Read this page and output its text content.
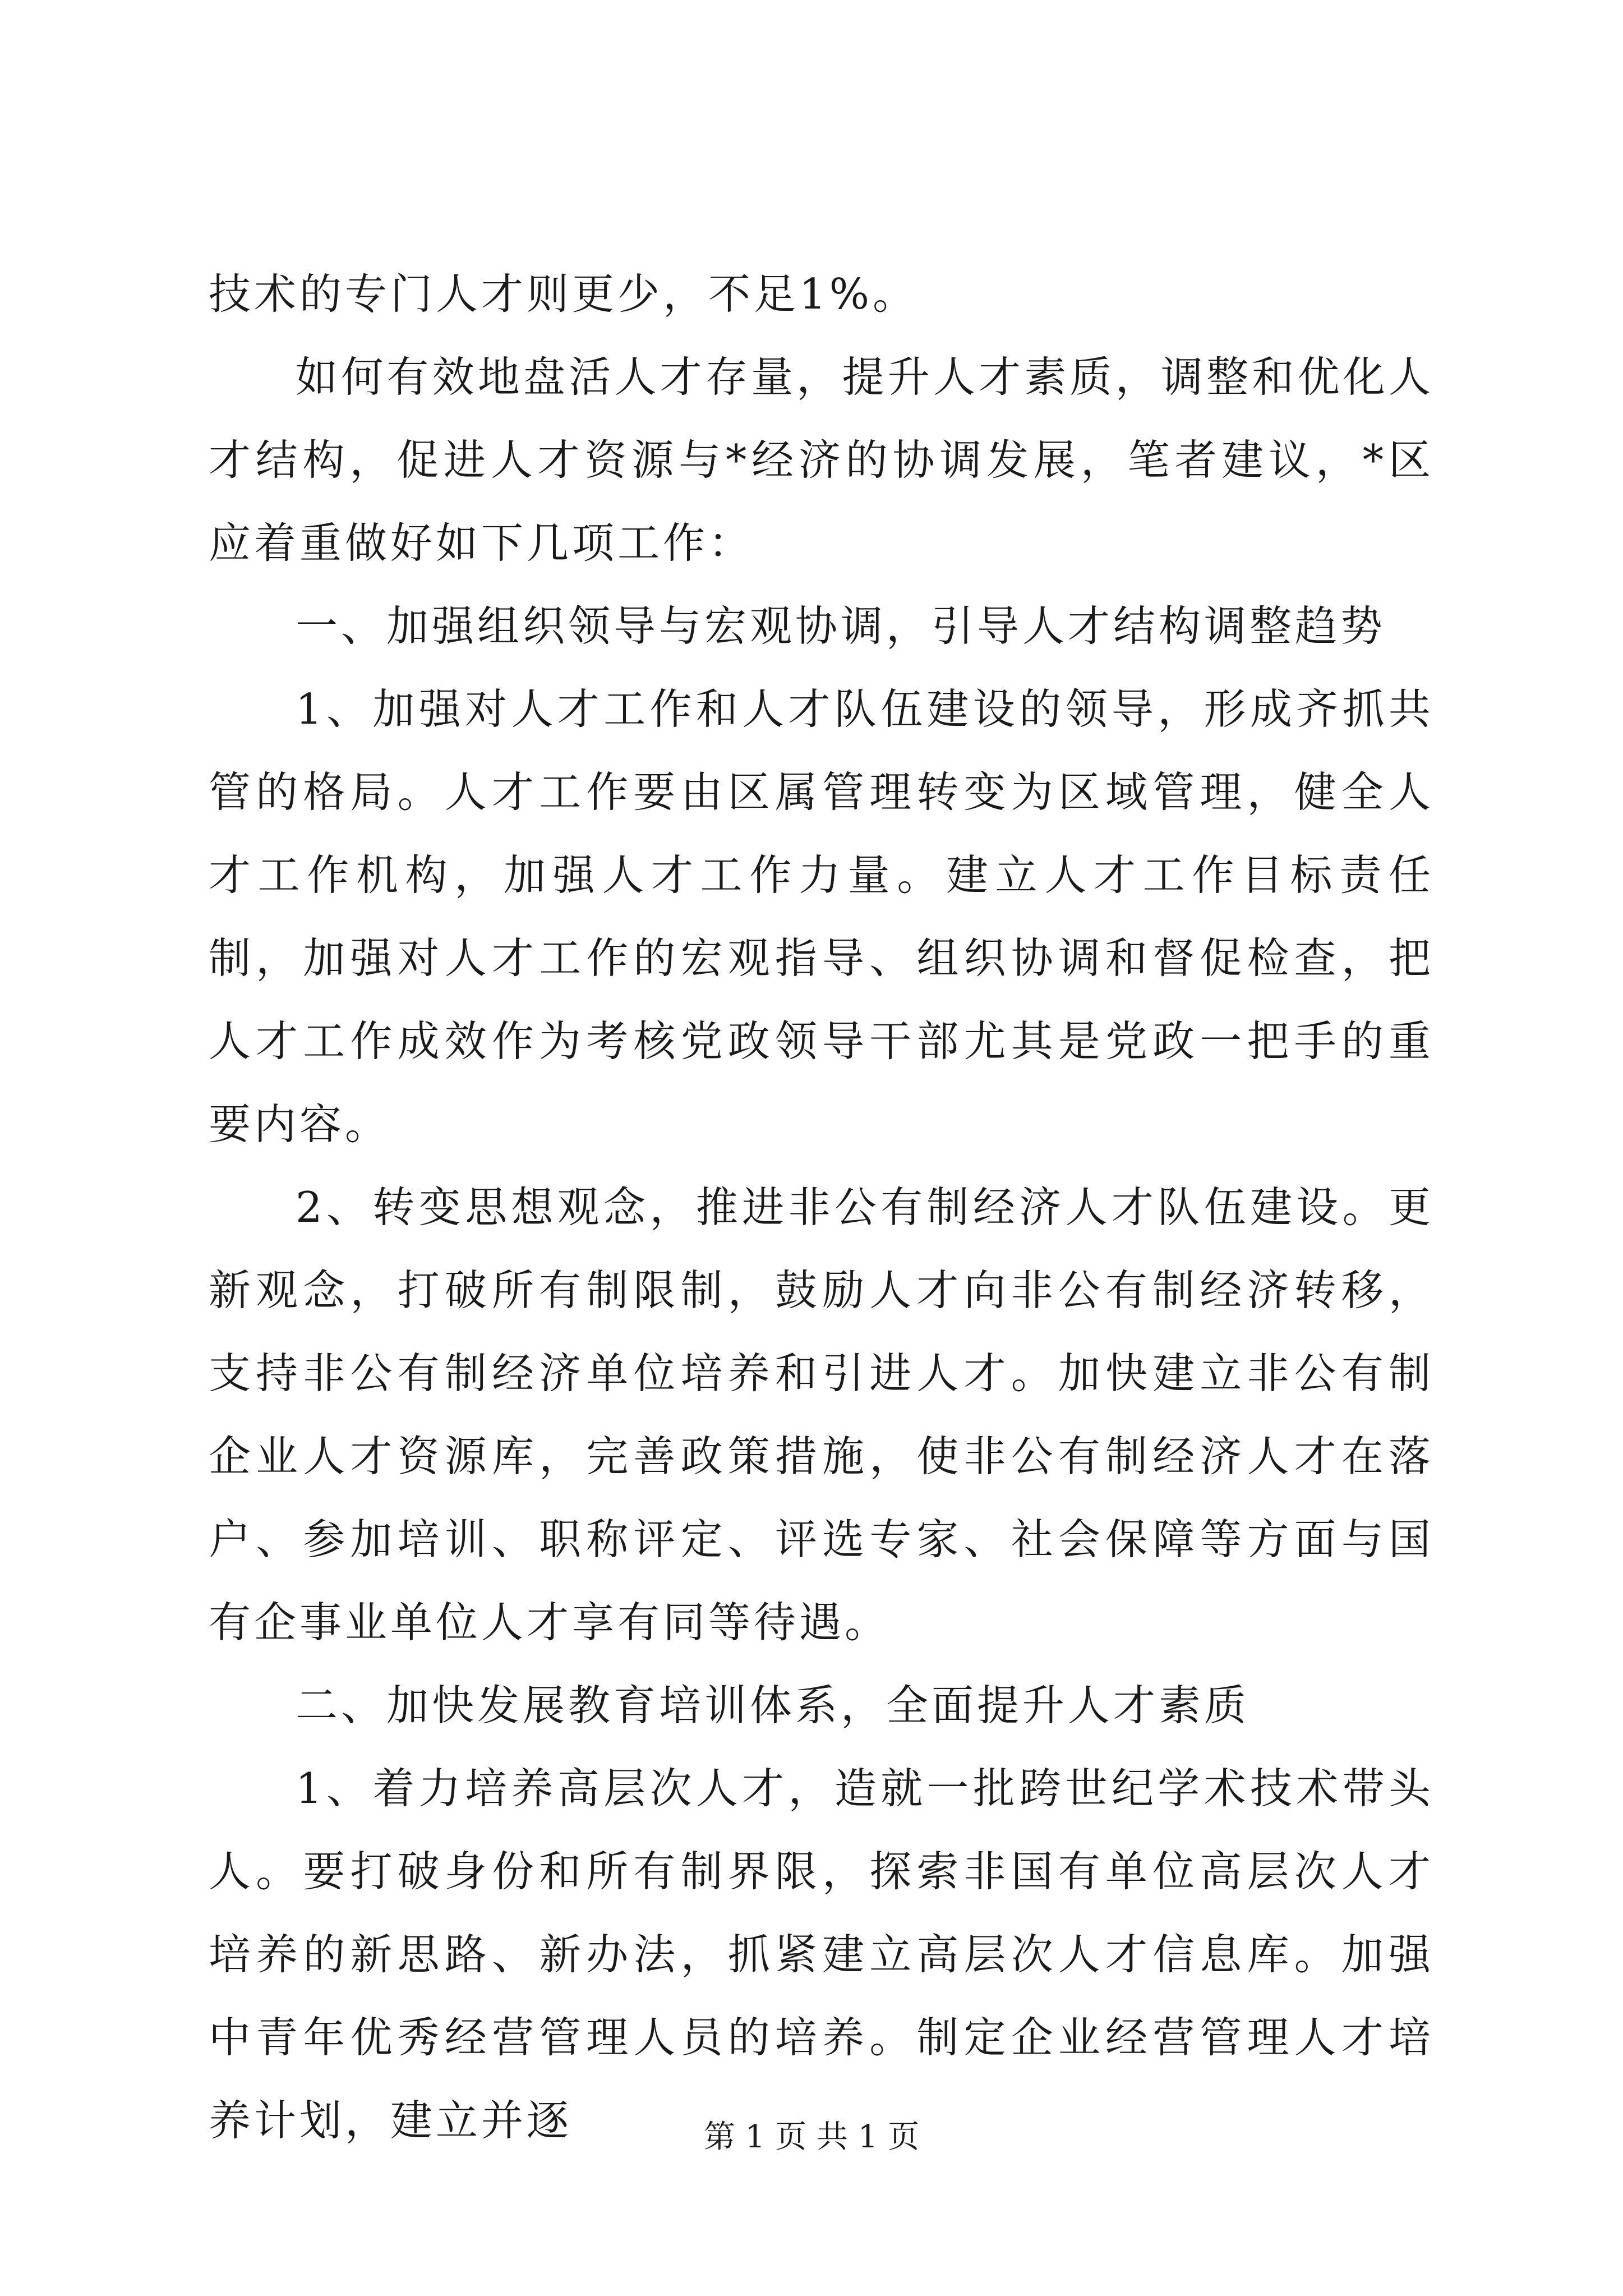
技术的专门人才则更少，不足1%。

如何有效地盘活人才存量，提升人才素质，调整和优化人才结构，促进人才资源与*经济的协调发展，笔者建议，*区应着重做好如下几项工作：

一、加强组织领导与宏观协调，引导人才结构调整趋势

1、加强对人才工作和人才队伍建设的领导，形成齐抓共管的格局。人才工作要由区属管理转变为区域管理，健全人才工作机构，加强人才工作力量。建立人才工作目标责任制，加强对人才工作的宏观指导、组织协调和督促检查，把人才工作成效作为考核党政领导干部尤其是党政一把手的重要内容。

2、转变思想观念，推进非公有制经济人才队伍建设。更新观念，打破所有制限制，鼓励人才向非公有制经济转移，支持非公有制经济单位培养和引进人才。加快建立非公有制企业人才资源库，完善政策措施，使非公有制经济人才在落户、参加培训、职称评定、评选专家、社会保障等方面与国有企事业单位人才享有同等待遇。

二、加快发展教育培训体系，全面提升人才素质

1、着力培养高层次人才，造就一批跨世纪学术技术带头人。要打破身份和所有制界限，探索非国有单位高层次人才培养的新思路、新办法，抓紧建立高层次人才信息库。加强中青年优秀经营管理人员的培养。制定企业经营管理人才培养计划，建立并逐	第 1 页 共 1 页
